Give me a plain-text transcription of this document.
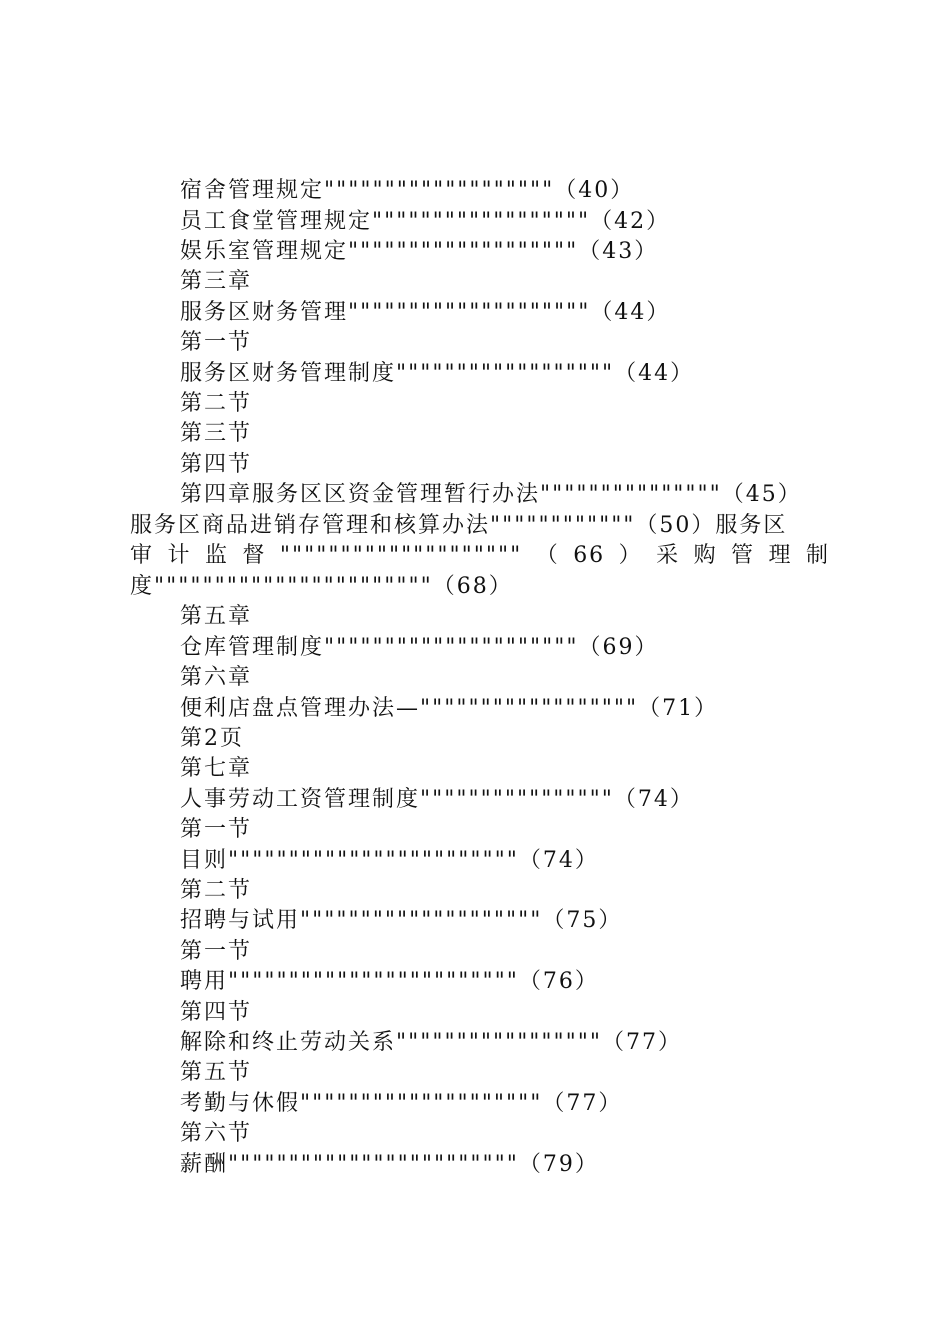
宿舍管理规定"""""""""""""""""""（40）
员工食堂管理规定""""""""""""""""""（42）
娱乐室管理规定"""""""""""""""""""（43）
第三章
服务区财务管理""""""""""""""""""""（44）
第一节
服务区财务管理制度""""""""""""""""""（44）
第二节
第三节
第四节
第四章服务区区资金管理暂行办法"""""""""""""""（45）
服务区商品进销存管理和核算办法""""""""""""（50）服务区
审 计 监 督 """""""""""""""""""" （ 66 ） 采 购 管 理 制
度"""""""""""""""""""""""（68）
第五章
仓库管理制度"""""""""""""""""""""（69）
第六章
便利店盘点管理办法—""""""""""""""""""（71）
第2页
第七章
人事劳动工资管理制度""""""""""""""""（74）
第一节
目则""""""""""""""""""""""""（74）
第二节
招聘与试用""""""""""""""""""""（75）
第一节
聘用""""""""""""""""""""""""（76）
第四节
解除和终止劳动关系"""""""""""""""""（77）
第五节
考勤与休假""""""""""""""""""""（77）
第六节
薪酬""""""""""""""""""""""""（79）
